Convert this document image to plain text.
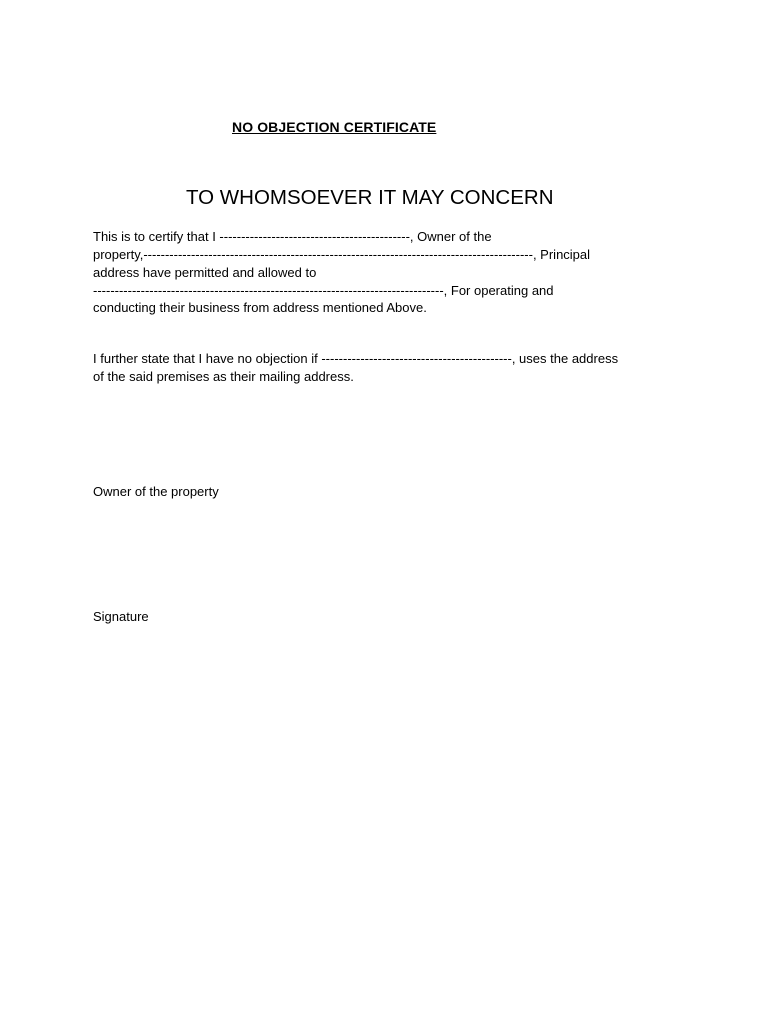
NO OBJECTION CERTIFICATE

TO WHOMSOEVER IT MAY CONCERN

This is to certify that I --------------------------------------------, Owner of the

property,------------------------------------------------------------------------------------------, Principal

address have permitted and allowed to

---------------------------------------------------------------------------------, For operating and

conducting their business from address mentioned Above.

I further state that I have no objection if --------------------------------------------, uses the address

of the said premises as their mailing address.

Owner of the property

Signature
